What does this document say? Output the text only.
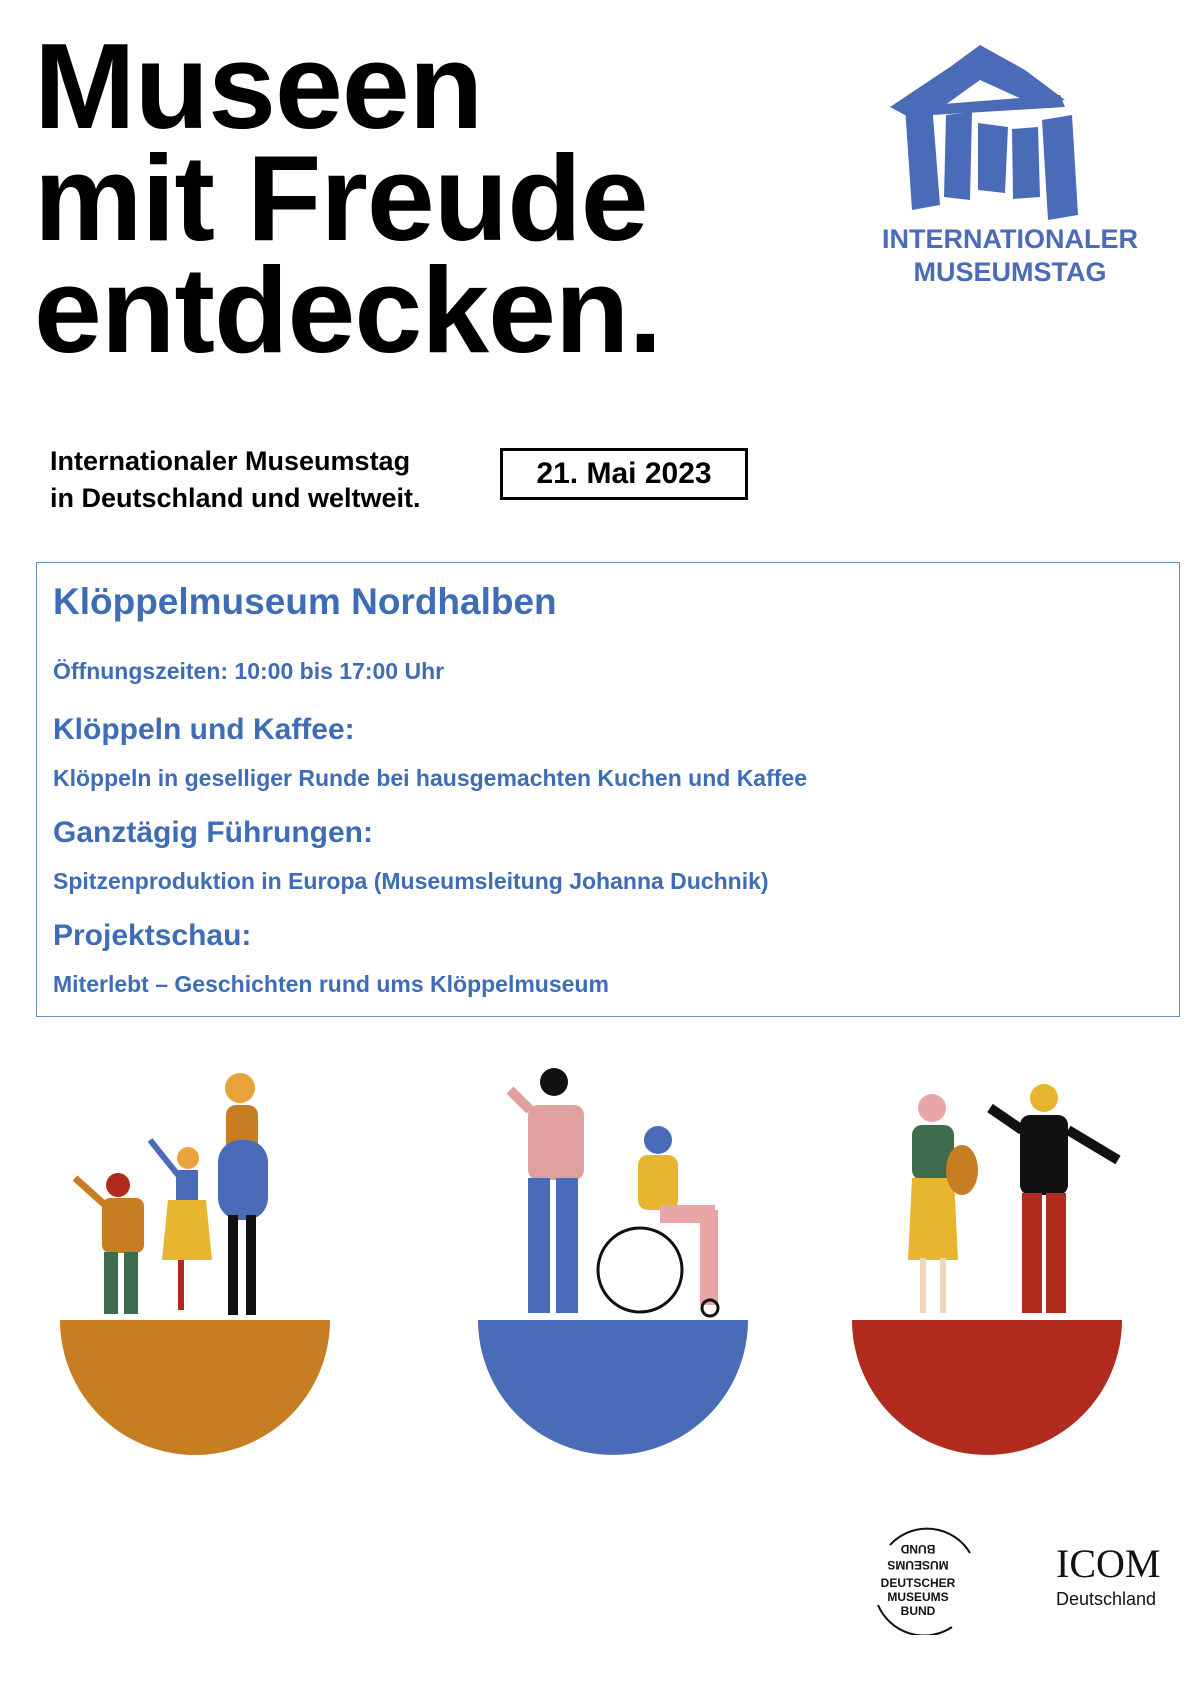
Museen
mit Freude
entdecken.
INTERNATIONALER
MUSEUMSTAG
Internationaler Museumstag
in Deutschland und weltweit.
21. Mai 2023
Klöppelmuseum Nordhalben
Öffnungszeiten: 10:00 bis 17:00 Uhr
Klöppeln und Kaffee:
Klöppeln in geselliger Runde bei hausgemachten Kuchen und Kaffee
Ganztägig Führungen:
Spitzenproduktion in Europa (Museumsleitung Johanna Duchnik)
Projektschau:
Miterlebt – Geschichten rund ums Klöppelmuseum
BUND
MUSEUMS
DEUTSCHER
MUSEUMS
BUND
ICOM
Deutschland
